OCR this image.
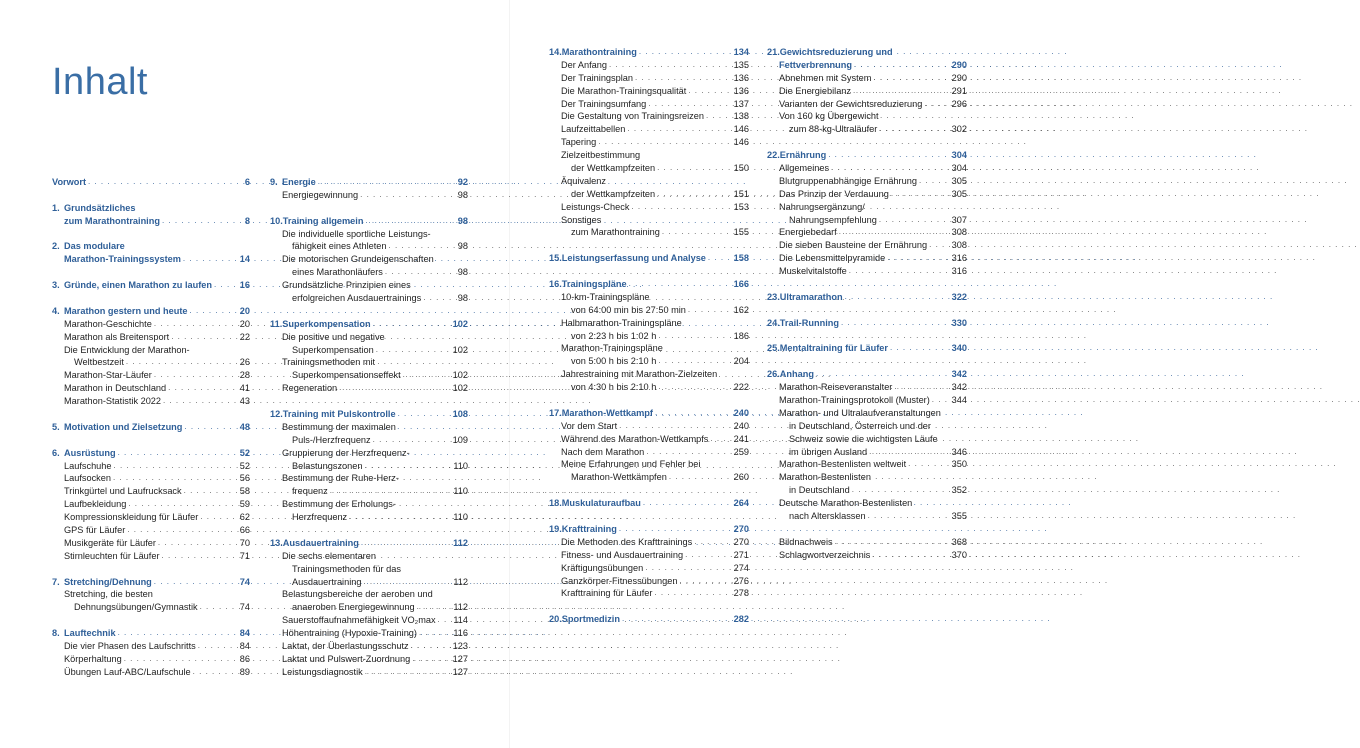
Inhalt
Vorwort . . .	6
1. Grundsätzliches
zum Marathontraining . . .	8
2. Das modulare
Marathon-Trainingssystem . . .	14
3. Gründe, einen Marathon zu laufen . . .	16
4. Marathon gestern und heute . . .	20
Marathon-Geschichte . . .	20
Marathon als Breitensport . . .	22
Die Entwicklung der Marathon-
Weltbestzeit . . .	26
Marathon-Star-Läufer . . .	28
Marathon in Deutschland . . .	41
Marathon-Statistik 2022 . . .	43
5. Motivation und Zielsetzung . . .	48
6. Ausrüstung . . .	52
Laufschuhe . . .	52
Laufsocken . . .	56
Trinkgürtel und Laufrucksack . . .	58
Laufbekleidung . . .	59
Kompressionskleidung für Läufer . . .	62
GPS für Läufer . . .	66
Musikgeräte für Läufer . . .	70
Stirnleuchten für Läufer . . .	71
7. Stretching/Dehnung . . .	74
Stretching, die besten
Dehnungsübungen/Gymnastik . . .	74
8. Lauftechnik . . .	84
Die vier Phasen des Laufschritts . . .	84
Körperhaltung . . .	86
Übungen Lauf-ABC/Laufschule . . .	89
9. Energie . . .	92
Energiegewinnung . . .	98
10.Training allgemein . . .	98
Die individuelle sportliche Leistungs-
fähigkeit eines Athleten . . .	98
Die motorischen Grundeigenschaften
eines Marathonläufers . . .	98
Grundsätzliche Prinzipien eines
erfolgreichen Ausdauertrainings . . .	98
11.Superkompensation . . .	102
Die positive und negative
Superkompensation . . .	102
Trainingsmethoden mit
Superkompensationseffekt . . .	102
Regeneration . . .	102
12.Training mit Pulskontrolle . . .	108
Bestimmung der maximalen
Puls-/Herzfrequenz . . .	109
Gruppierung der Herzfrequenz-
Belastungszonen . . .	110
Bestimmung der Ruhe-Herz-
frequenz . . .	110
Bestimmung der Erholungs-
Herzfrequenz . . .	110
13.Ausdauertraining . . .	112
Die sechs elementaren
Trainingsmethoden für das
Ausdauertraining . . .	112
Belastungsbereiche der aeroben und
anaeroben Energiegewinnung . . .	112
Sauerstoffaufnahmefähigkeit VO₂max . . . 114
Höhentraining (Hypoxie-Training) . . .	116
Laktat, der Überlastungsschutz . . .	123
Laktat und Pulswert-Zuordnung . . .	127
Leistungsdiagnostik . . .	127
14.Marathontraining . . .	134
Der Anfang . . .	135
Der Trainingsplan . . .	136
Die Marathon-Trainingsqualität . . .	136
Der Trainingsumfang . . .	137
Die Gestaltung von Trainingsreizen . . .	138
Laufzeittabellen . . .	146
Tapering . . .	146
Zielzeitbestimmung
der Wettkampfzeiten . . .	150
Äquivalenz
der Wettkampfzeiten . . .	151
Leistungs-Check . . .	153
Sonstiges
zum Marathontraining . . .	155
15.Leistungserfassung und Analyse . . .	158
16.Trainingspläne . . .	166
10-km-Trainingspläne
von 64:00 min bis 27:50 min . . .	162
Halbmarathon-Trainingspläne
von 2:23 h bis 1:02 h . . .	186
Marathon-Trainingspläne
von 5:00 h bis 2:10 h . . .	204
Jahrestraining mit Marathon-Zielzeiten
von 4:30 h bis 2:10 h . . .	222
17.Marathon-Wettkampf . . .	240
Vor dem Start . . .	240
Während des Marathon-Wettkampfs . . .	241
Nach dem Marathon . . .	259
Meine Erfahrungen und Fehler bei
Marathon-Wettkämpfen . . .	260
18.Muskulaturaufbau . . .	264
19.Krafttraining . . .	270
Die Methoden des Krafttrainings . . .	270
Fitness- und Ausdauertraining . . .	271
Kräftigungsübungen . . .	274
Ganzkörper-Fitnessübungen . . .	276
Krafttraining für Läufer . . .	278
20.Sportmedizin . . .	282
21.Gewichtsreduzierung und
Fettverbrennung . . .	290
Abnehmen mit System . . .	290
Die Energiebilanz . . .	291
Varianten der Gewichtsreduzierung . . .	296
Von 160 kg Übergewicht
zum 88-kg-Ultraläufer . . .	302
22.Ernährung . . .	304
Allgemeines . . .	304
Blutgruppenabhängige Ernährung . . .	305
Das Prinzip der Verdauung . . .	305
Nahrungsergänzung/
Nahrungsempfehlung . . .	307
Energiebedarf . . .	308
Die sieben Bausteine der Ernährung . . .	308
Die Lebensmittelpyramide . . .	316
Muskelvitalstoffe . . .	316
23.Ultramarathon . . .	322
24.Trail-Running . . .	330
25.Mentaltraining für Läufer . . .	340
26.Anhang . . .	342
Marathon-Reiseveranstalter . . .	342
Marathon-Trainingsprotokoll (Muster) . . . 344
Marathon- und Ultralaufveranstaltungen
in Deutschland, Österreich und der
Schweiz sowie die wichtigsten Läufe
im übrigen Ausland . . .	346
Marathon-Bestenlisten weltweit . . .	350
Marathon-Bestenlisten
in Deutschland . . .	352
Deutsche Marathon-Bestenlisten
nach Altersklassen . . .	355
Bildnachweis . . .	368
Schlagwortverzeichnis . . .	370
